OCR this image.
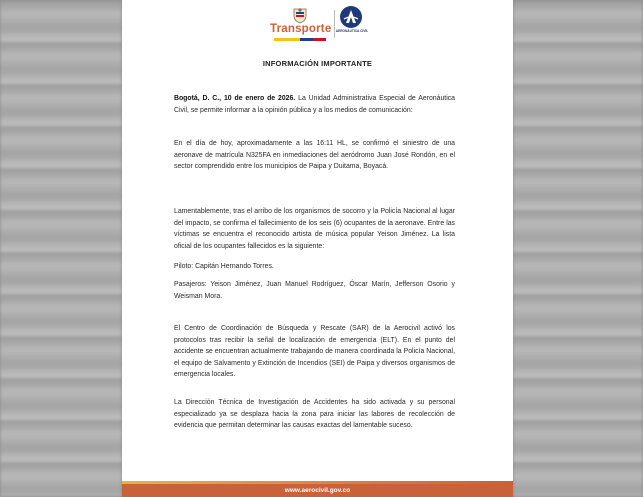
Transporte	AERONÁUTICA CIVIL
INFORMACIÓN IMPORTANTE

Bogotá, D. C., 10 de enero de 2026. La Unidad Administrativa Especial de Aeronáutica Civil, se permite informar a la opinión pública y a los medios de comunicación:

En el día de hoy, aproximadamente a las 16:11 HL, se confirmó el siniestro de una aeronave de matrícula N325FA en inmediaciones del aeródromo Juan José Rondón, en el sector comprendido entre los municipios de Paipa y Duitama, Boyacá.

Lamentablemente, tras el arribo de los organismos de socorro y la Policía Nacional al lugar del impacto, se confirma el fallecimiento de los seis (6) ocupantes de la aeronave. Entre las víctimas se encuentra el reconocido artista de música popular Yeison Jiménez. La lista oficial de los ocupantes fallecidos es la siguiente:

Piloto: Capitán Hernando Torres.

Pasajeros: Yeison Jiménez, Juan Manuel Rodríguez, Óscar Marín, Jefferson Osorio y Weisman Mora.

El Centro de Coordinación de Búsqueda y Rescate (SAR) de la Aerocivil activó los protocolos tras recibir la señal de localización de emergencia (ELT). En el punto del accidente se encuentran actualmente trabajando de manera coordinada la Policía Nacional, el equipo de Salvamento y Extinción de Incendios (SEI) de Paipa y diversos organismos de emergencia locales.

La Dirección Técnica de Investigación de Accidentes ha sido activada y su personal especializado ya se desplaza hacia la zona para iniciar las labores de recolección de evidencia que permitan determinar las causas exactas del lamentable suceso.

www.aerocivil.gov.co
